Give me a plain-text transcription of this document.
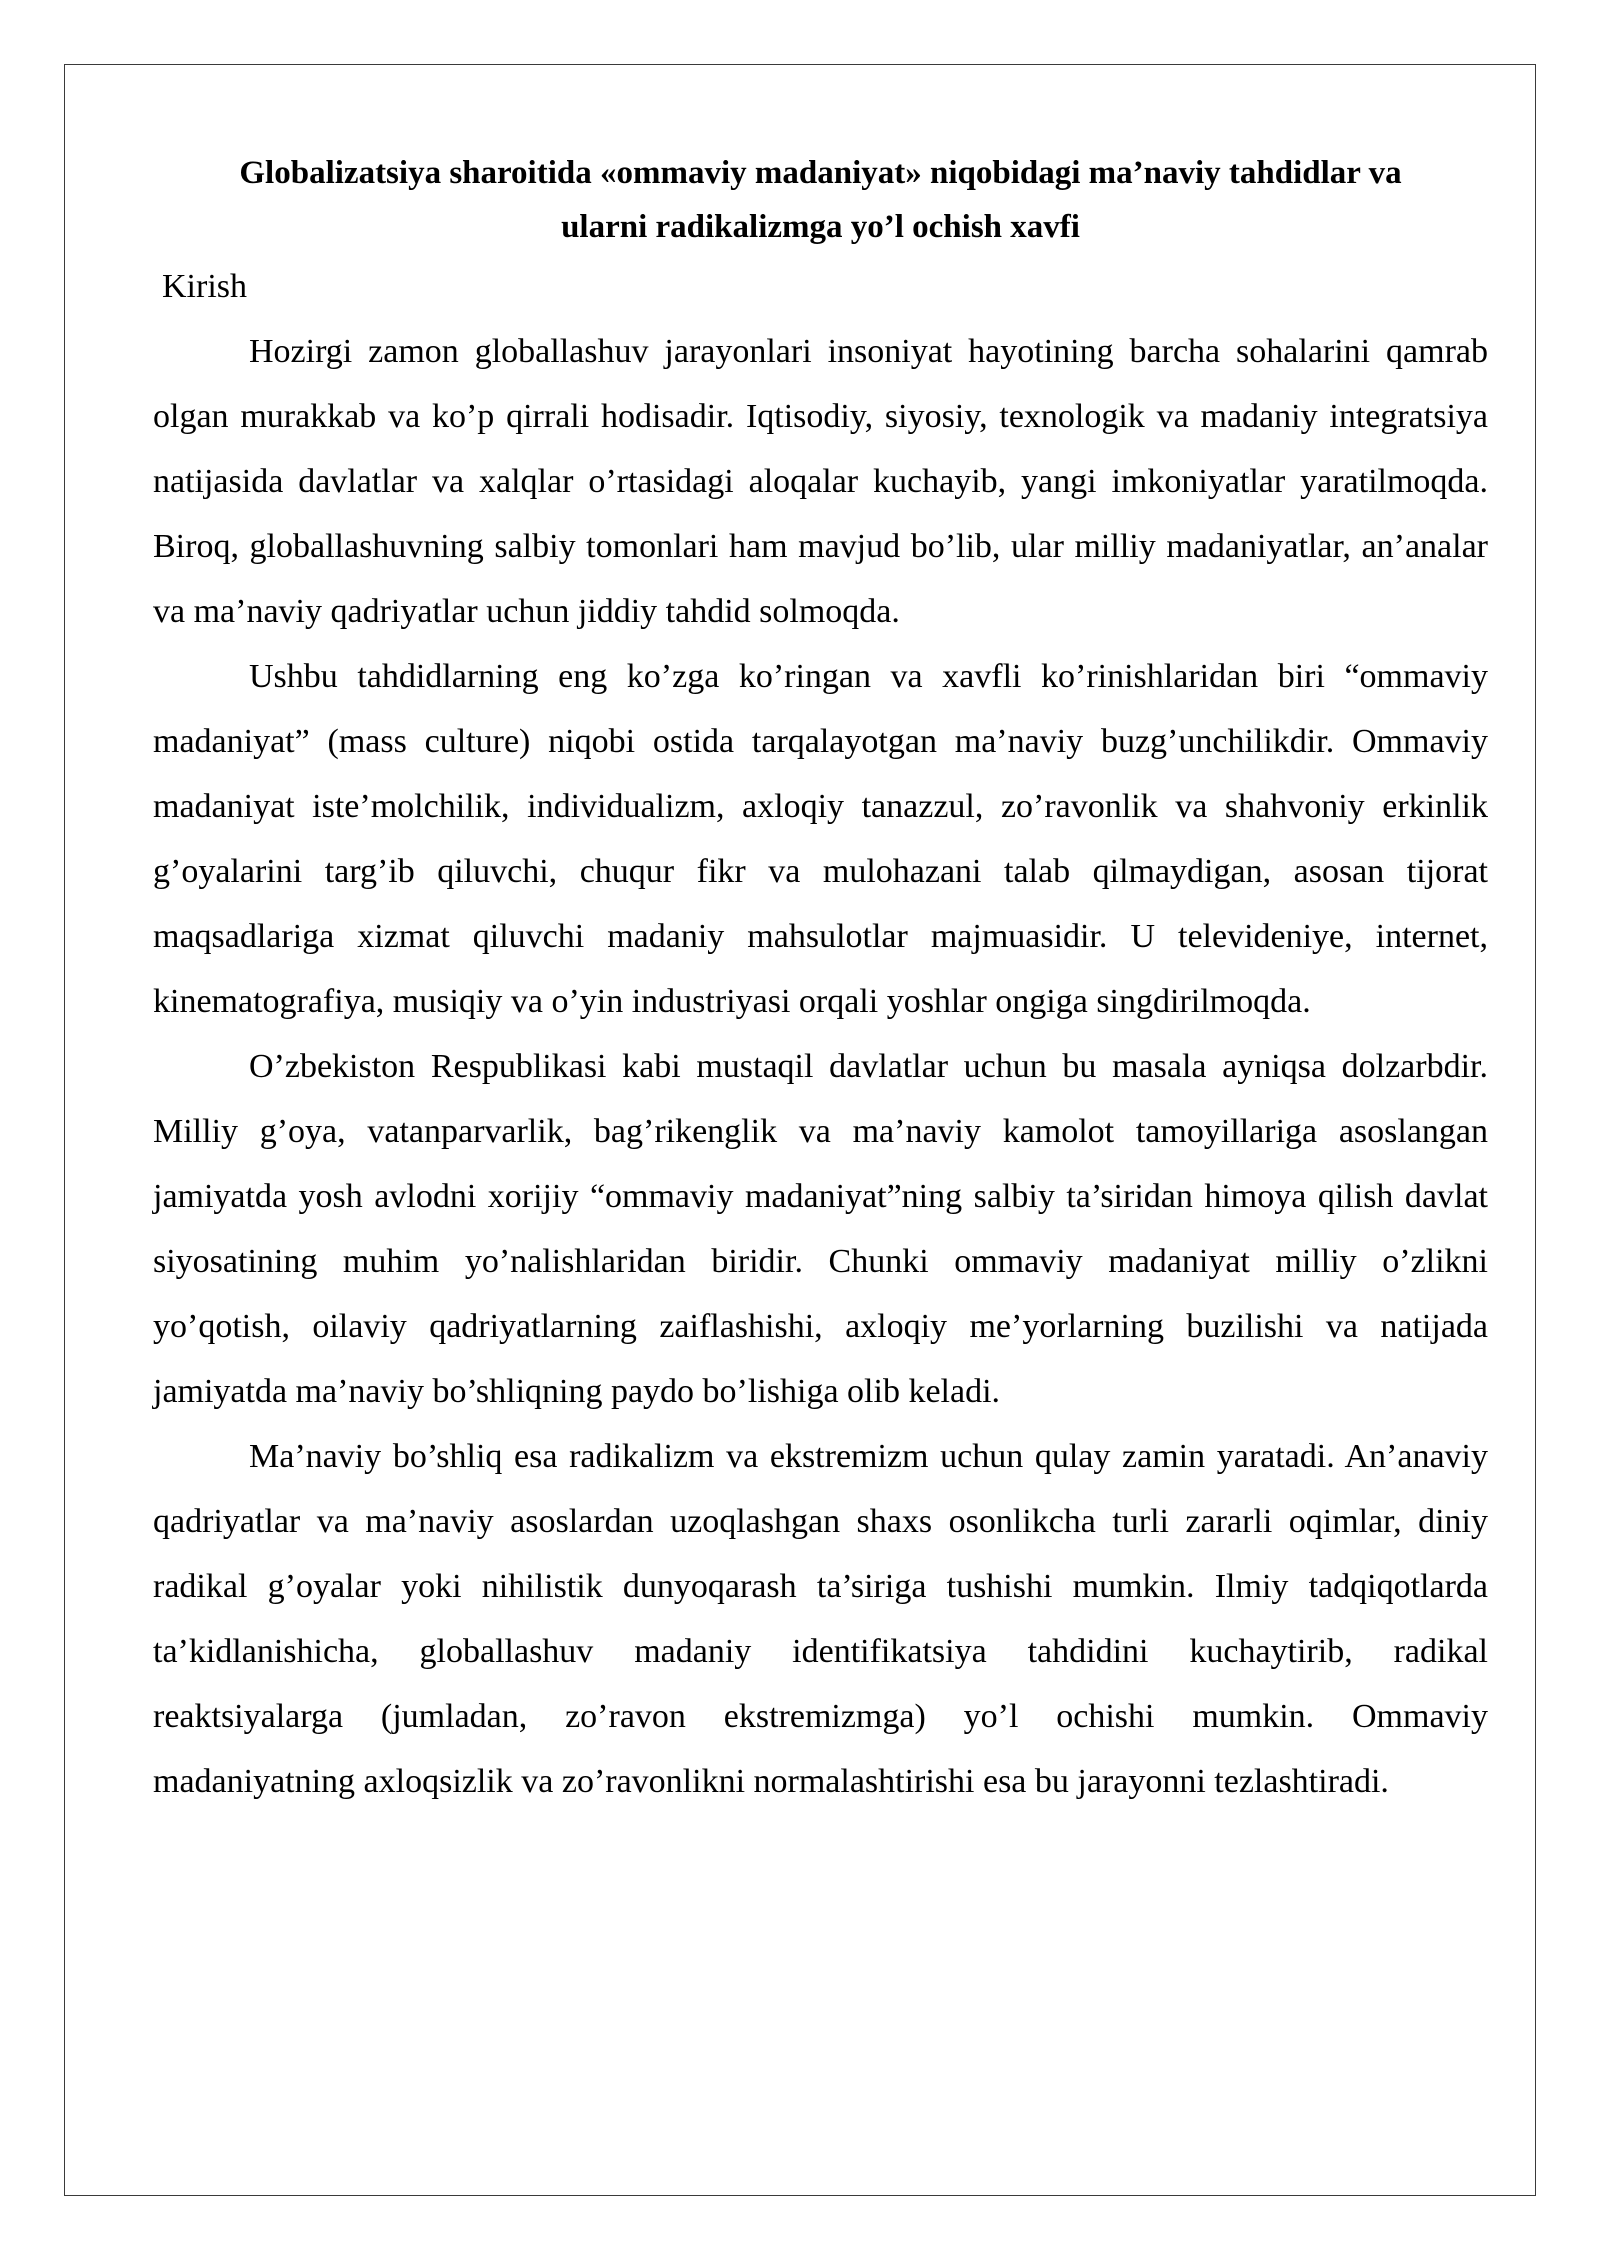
Globalizatsiya sharoitida «ommaviy madaniyat» niqobidagi ma’naviy tahdidlar va
ularni radikalizmga yo’l ochish xavfi

Kirish

Hozirgi zamon globallashuv jarayonlari insoniyat hayotining barcha sohalarini qamrab olgan murakkab va ko’p qirrali hodisadir. Iqtisodiy, siyosiy, texnologik va madaniy integratsiya natijasida davlatlar va xalqlar o’rtasidagi aloqalar kuchayib, yangi imkoniyatlar yaratilmoqda. Biroq, globallashuvning salbiy tomonlari ham mavjud bo’lib, ular milliy madaniyatlar, an’analar va ma’naviy qadriyatlar uchun jiddiy tahdid solmoqda.

Ushbu tahdidlarning eng ko’zga ko’ringan va xavfli ko’rinishlaridan biri “ommaviy madaniyat” (mass culture) niqobi ostida tarqalayotgan ma’naviy buzg’unchilikdir. Ommaviy madaniyat iste’molchilik, individualizm, axloqiy tanazzul, zo’ravonlik va shahvoniy erkinlik g’oyalarini targ’ib qiluvchi, chuqur fikr va mulohazani talab qilmaydigan, asosan tijorat maqsadlariga xizmat qiluvchi madaniy mahsulotlar majmuasidir. U televideniye, internet, kinematografiya, musiqiy va o’yin industriyasi orqali yoshlar ongiga singdirilmoqda.

O’zbekiston Respublikasi kabi mustaqil davlatlar uchun bu masala ayniqsa dolzarbdir. Milliy g’oya, vatanparvarlik, bag’rikenglik va ma’naviy kamolot tamoyillariga asoslangan jamiyatda yosh avlodni xorijiy “ommaviy madaniyat”ning salbiy ta’siridan himoya qilish davlat siyosatining muhim yo’nalishlaridan biridir. Chunki ommaviy madaniyat milliy o’zlikni yo’qotish, oilaviy qadriyatlarning zaiflashishi, axloqiy me’yorlarning buzilishi va natijada jamiyatda ma’naviy bo’shliqning paydo bo’lishiga olib keladi.

Ma’naviy bo’shliq esa radikalizm va ekstremizm uchun qulay zamin yaratadi. An’anaviy qadriyatlar va ma’naviy asoslardan uzoqlashgan shaxs osonlikcha turli zararli oqimlar, diniy radikal g’oyalar yoki nihilistik dunyoqarash ta’siriga tushishi mumkin. Ilmiy tadqiqotlarda ta’kidlanishicha, globallashuv madaniy identifikatsiya tahdidini kuchaytirib, radikal reaktsiyalarga (jumladan, zo’ravon ekstremizmga) yo’l ochishi mumkin. Ommaviy madaniyatning axloqsizlik va zo’ravonlikni normalashtirishi esa bu jarayonni tezlashtiradi.
